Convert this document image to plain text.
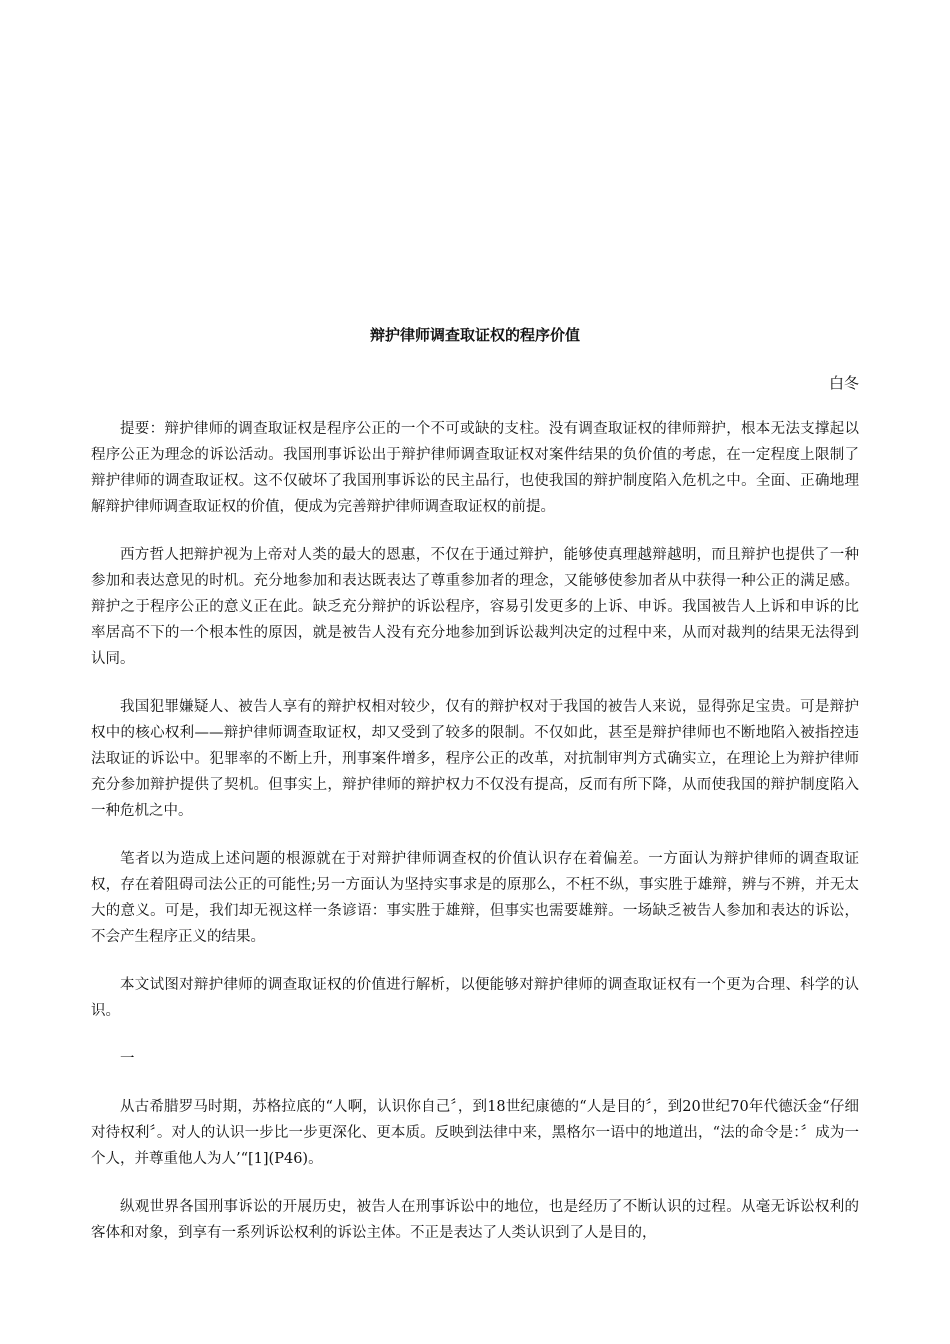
辩护律师调查取证权的程序价值
白冬

提要：辩护律师的调查取证权是程序公正的一个不可或缺的支柱。没有调查取证权的律师辩护，根本无法支撑起以程序公正为理念的诉讼活动。我国刑事诉讼出于辩护律师调查取证权对案件结果的负价值的考虑，在一定程度上限制了辩护律师的调查取证权。这不仅破坏了我国刑事诉讼的民主品行，也使我国的辩护制度陷入危机之中。全面、正确地理解辩护律师调查取证权的价值，便成为完善辩护律师调查取证权的前提。

西方哲人把辩护视为上帝对人类的最大的恩惠，不仅在于通过辩护，能够使真理越辩越明，而且辩护也提供了一种参加和表达意见的时机。充分地参加和表达既表达了尊重参加者的理念，又能够使参加者从中获得一种公正的满足感。辩护之于程序公正的意义正在此。缺乏充分辩护的诉讼程序，容易引发更多的上诉、申诉。我国被告人上诉和申诉的比率居高不下的一个根本性的原因，就是被告人没有充分地参加到诉讼裁判决定的过程中来，从而对裁判的结果无法得到认同。

我国犯罪嫌疑人、被告人享有的辩护权相对较少，仅有的辩护权对于我国的被告人来说，显得弥足宝贵。可是辩护权中的核心权利——辩护律师调查取证权，却又受到了较多的限制。不仅如此，甚至是辩护律师也不断地陷入被指控违法取证的诉讼中。犯罪率的不断上升，刑事案件增多，程序公正的改革，对抗制审判方式确实立，在理论上为辩护律师充分参加辩护提供了契机。但事实上，辩护律师的辩护权力不仅没有提高，反而有所下降，从而使我国的辩护制度陷入一种危机之中。

笔者以为造成上述问题的根源就在于对辩护律师调查权的价值认识存在着偏差。一方面认为辩护律师的调查取证权，存在着阻碍司法公正的可能性;另一方面认为坚持实事求是的原那么，不枉不纵，事实胜于雄辩，辨与不辨，并无太大的意义。可是，我们却无视这样一条谚语：事实胜于雄辩，但事实也需要雄辩。一场缺乏被告人参加和表达的诉讼，不会产生程序正义的结果。

本文试图对辩护律师的调查取证权的价值进行解析，以便能够对辩护律师的调查取证权有一个更为合理、科学的认识。

一

从古希腊罗马时期，苏格拉底的“人啊，认识你自己〞，到18世纪康德的“人是目的〞，到20世纪70年代德沃金“仔细对待权利〞。对人的认识一步比一步更深化、更本质。反映到法律中来，黑格尔一语中的地道出，“法的命令是：〞成为一个人，并尊重他人为人’“[1](P46)。

纵观世界各国刑事诉讼的开展历史，被告人在刑事诉讼中的地位，也是经历了不断认识的过程。从毫无诉讼权利的客体和对象，到享有一系列诉讼权利的诉讼主体。不正是表达了人类认识到了人是目的，
